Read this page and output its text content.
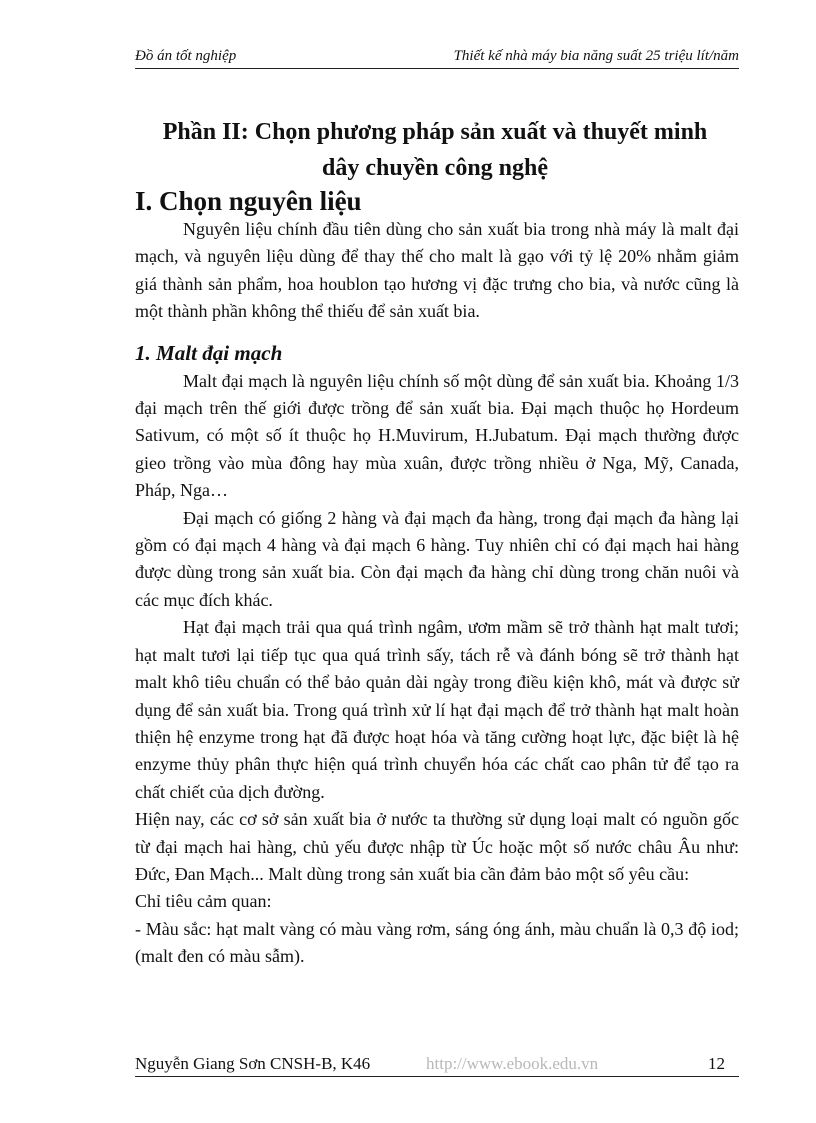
Đồ án tốt nghiệp	Thiết kế nhà máy bia năng suất 25 triệu lít/năm
Phần II: Chọn phương pháp sản xuất và thuyết minh
dây chuyền công nghệ
I. Chọn nguyên liệu

Nguyên liệu chính đầu tiên dùng cho sản xuất bia trong nhà máy là malt đại mạch, và nguyên liệu dùng để thay thế cho malt là gạo với tỷ lệ 20% nhằm giảm giá thành sản phẩm, hoa houblon tạo hương vị đặc trưng cho bia, và nước cũng là một thành phần không thể thiếu để sản xuất bia.

1. Malt đại mạch

Malt đại mạch là nguyên liệu chính số một dùng để sản xuất bia. Khoảng 1/3 đại mạch trên thế giới được trồng để sản xuất bia. Đại mạch thuộc họ Hordeum Sativum, có một số ít thuộc họ H.Muvirum, H.Jubatum. Đại mạch thường được gieo trồng vào mùa đông hay mùa xuân, được trồng nhiều ở Nga, Mỹ, Canada, Pháp, Nga…

Đại mạch có giống 2 hàng và đại mạch đa hàng, trong đại mạch đa hàng lại gồm có đại mạch 4 hàng và đại mạch 6 hàng. Tuy nhiên chỉ có đại mạch hai hàng được dùng trong sản xuất bia. Còn đại mạch đa hàng chỉ dùng trong chăn nuôi và các mục đích khác.

Hạt đại mạch trải qua quá trình ngâm, ươm mầm sẽ trở thành hạt malt tươi; hạt malt tươi lại tiếp tục qua quá trình sấy, tách rễ và đánh bóng sẽ trở thành hạt malt khô tiêu chuẩn có thể bảo quản dài ngày trong điều kiện khô, mát và được sử dụng để sản xuất bia. Trong quá trình xử lí hạt đại mạch để trở thành hạt malt hoàn thiện hệ enzyme trong hạt đã được hoạt hóa và tăng cường hoạt lực, đặc biệt là hệ enzyme thủy phân thực hiện quá trình chuyển hóa các chất cao phân tử để tạo ra chất chiết của dịch đường.

Hiện nay, các cơ sở sản xuất bia ở nước ta thường sử dụng loại malt có nguồn gốc từ đại mạch hai hàng, chủ yếu được nhập từ Úc hoặc một số nước châu Âu như: Đức, Đan Mạch... Malt dùng trong sản xuất bia cần đảm bảo một số yêu cầu:

Chỉ tiêu cảm quan:

- Màu sắc: hạt malt vàng có màu vàng rơm, sáng óng ánh, màu chuẩn là 0,3 độ iod; (malt đen có màu sẫm).

Nguyễn Giang Sơn CNSH-B, K46	http://www.ebook.edu.vn	12
